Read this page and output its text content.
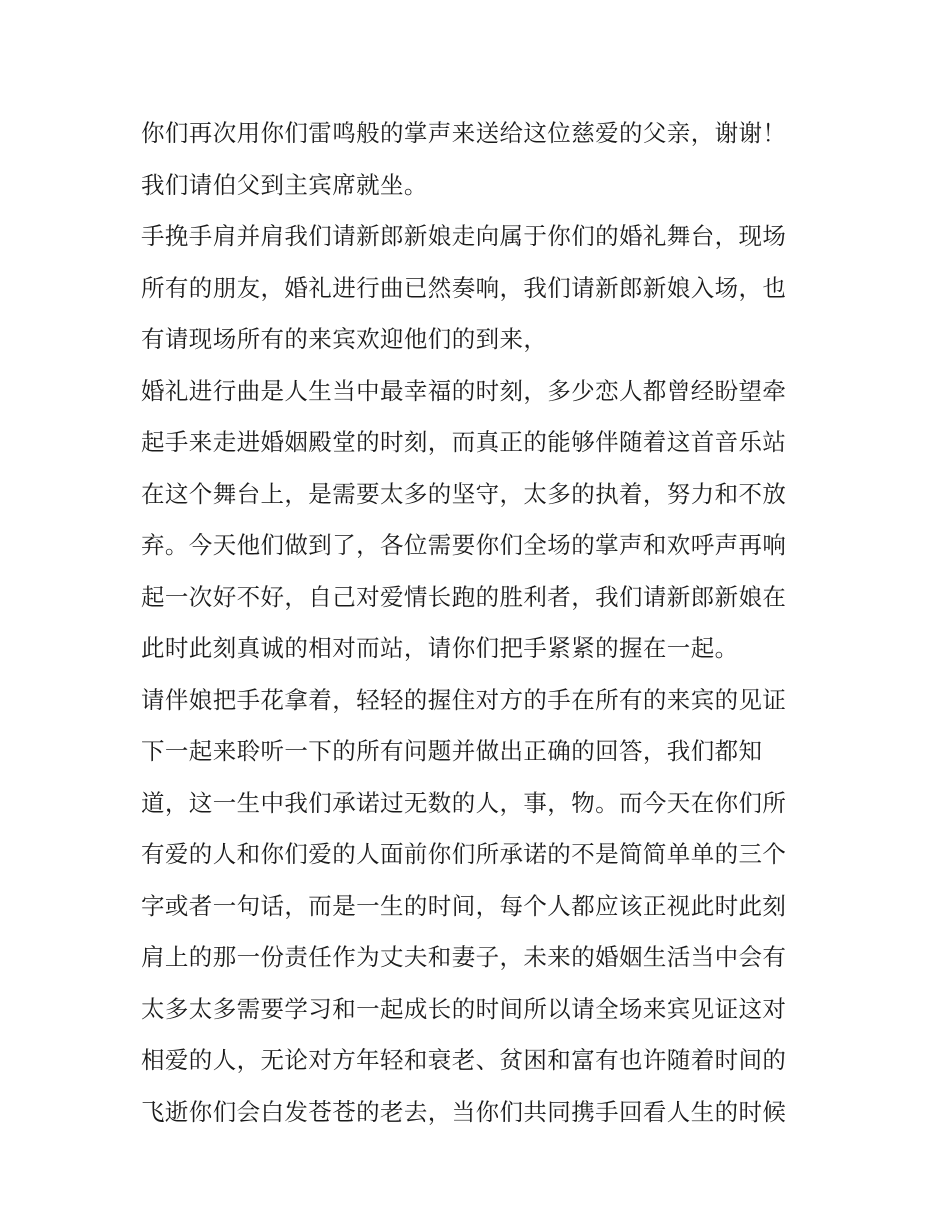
你们再次用你们雷鸣般的掌声来送给这位慈爱的父亲，谢谢！
我们请伯父到主宾席就坐。
手挽手肩并肩我们请新郎新娘走向属于你们的婚礼舞台，现场
所有的朋友，婚礼进行曲已然奏响，我们请新郎新娘入场，也
有请现场所有的来宾欢迎他们的到来，
婚礼进行曲是人生当中最幸福的时刻，多少恋人都曾经盼望牵
起手来走进婚姻殿堂的时刻，而真正的能够伴随着这首音乐站
在这个舞台上，是需要太多的坚守，太多的执着，努力和不放
弃。今天他们做到了，各位需要你们全场的掌声和欢呼声再响
起一次好不好，自己对爱情长跑的胜利者，我们请新郎新娘在
此时此刻真诚的相对而站，请你们把手紧紧的握在一起。
请伴娘把手花拿着，轻轻的握住对方的手在所有的来宾的见证
下一起来聆听一下的所有问题并做出正确的回答，我们都知
道，这一生中我们承诺过无数的人，事，物。而今天在你们所
有爱的人和你们爱的人面前你们所承诺的不是简简单单的三个
字或者一句话，而是一生的时间，每个人都应该正视此时此刻
肩上的那一份责任作为丈夫和妻子，未来的婚姻生活当中会有
太多太多需要学习和一起成长的时间所以请全场来宾见证这对
相爱的人，无论对方年轻和衰老、贫困和富有也许随着时间的
飞逝你们会白发苍苍的老去，当你们共同携手回看人生的时候
